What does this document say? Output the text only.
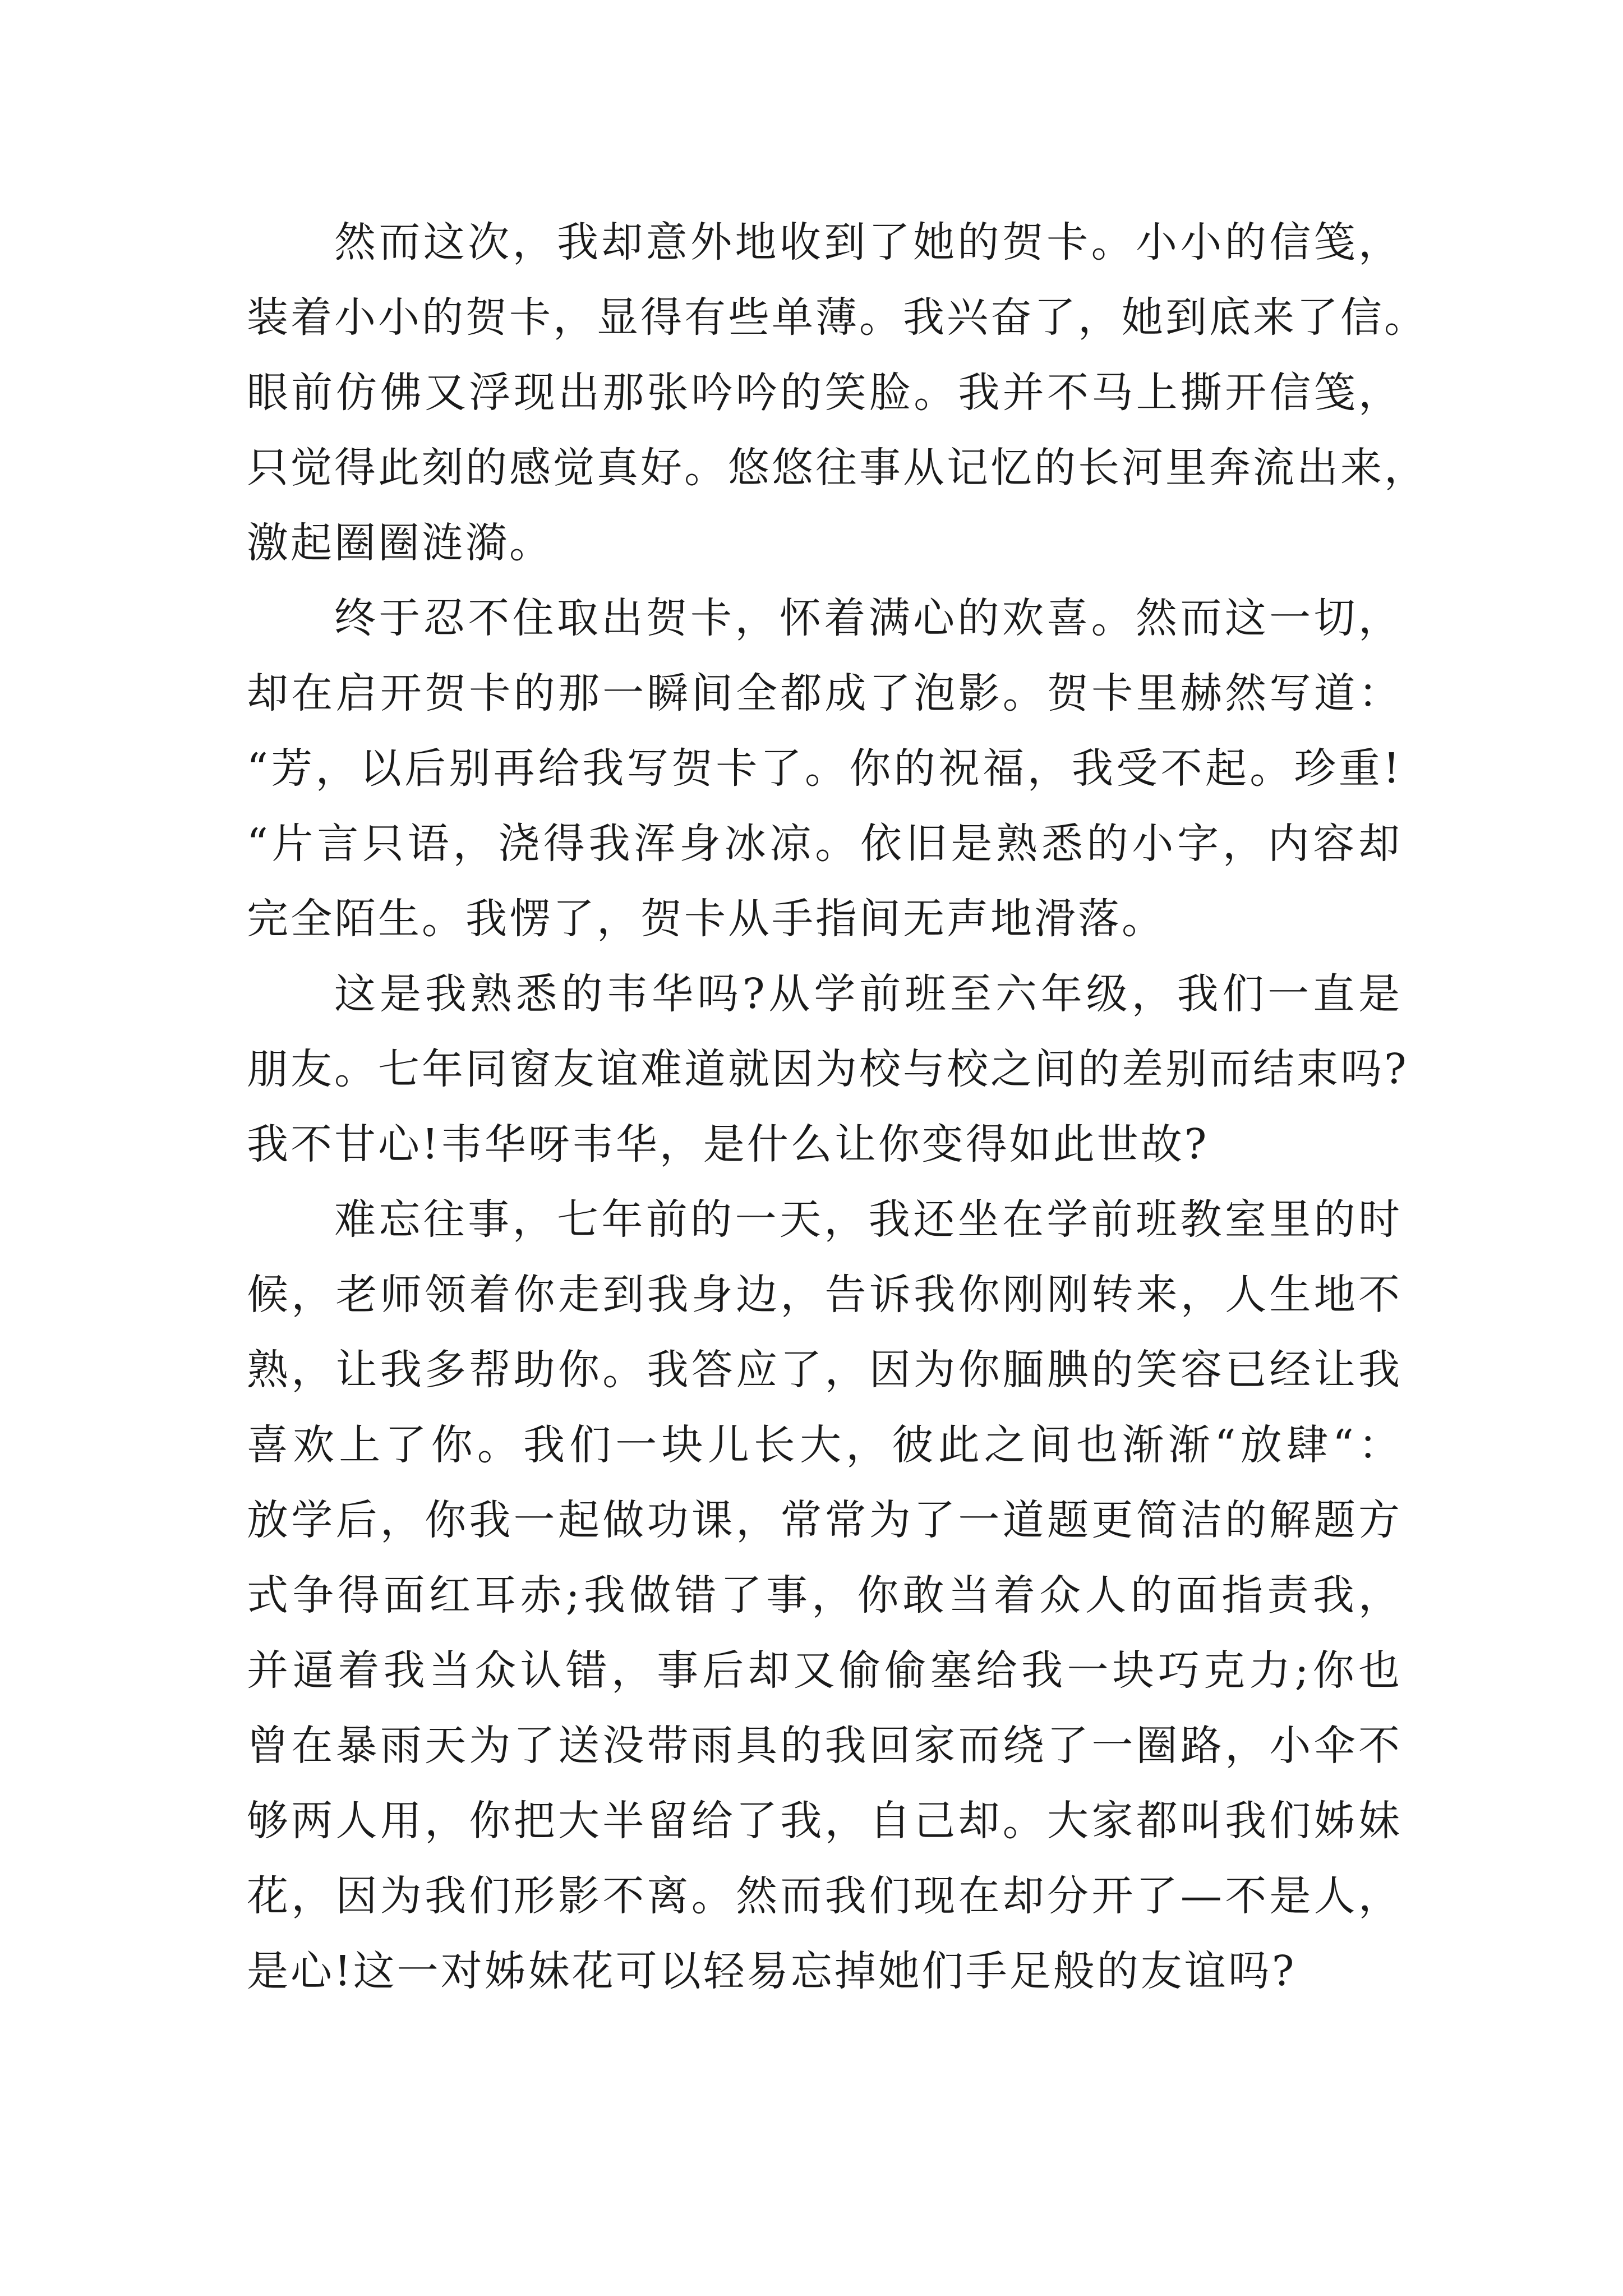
然而这次，我却意外地收到了她的贺卡。小小的信笺，
装着小小的贺卡，显得有些单薄。我兴奋了，她到底来了信。
眼前仿佛又浮现出那张吟吟的笑脸。我并不马上撕开信笺，
只觉得此刻的感觉真好。悠悠往事从记忆的长河里奔流出来，
激起圈圈涟漪。
终于忍不住取出贺卡，怀着满心的欢喜。然而这一切，
却在启开贺卡的那一瞬间全都成了泡影。贺卡里赫然写道：
“芳，以后别再给我写贺卡了。你的祝福，我受不起。珍重!
“片言只语，浇得我浑身冰凉。依旧是熟悉的小字，内容却
完全陌生。我愣了，贺卡从手指间无声地滑落。
这是我熟悉的韦华吗?从学前班至六年级，我们一直是
朋友。七年同窗友谊难道就因为校与校之间的差别而结束吗?
我不甘心!韦华呀韦华，是什么让你变得如此世故?
难忘往事，七年前的一天，我还坐在学前班教室里的时
候，老师领着你走到我身边，告诉我你刚刚转来，人生地不
熟，让我多帮助你。我答应了，因为你腼腆的笑容已经让我
喜欢上了你。我们一块儿长大，彼此之间也渐渐“放肆“：
放学后，你我一起做功课，常常为了一道题更简洁的解题方
式争得面红耳赤;我做错了事，你敢当着众人的面指责我，
并逼着我当众认错，事后却又偷偷塞给我一块巧克力;你也
曾在暴雨天为了送没带雨具的我回家而绕了一圈路，小伞不
够两人用，你把大半留给了我，自己却。大家都叫我们姊妹
花，因为我们形影不离。然而我们现在却分开了—不是人，
是心!这一对姊妹花可以轻易忘掉她们手足般的友谊吗?
